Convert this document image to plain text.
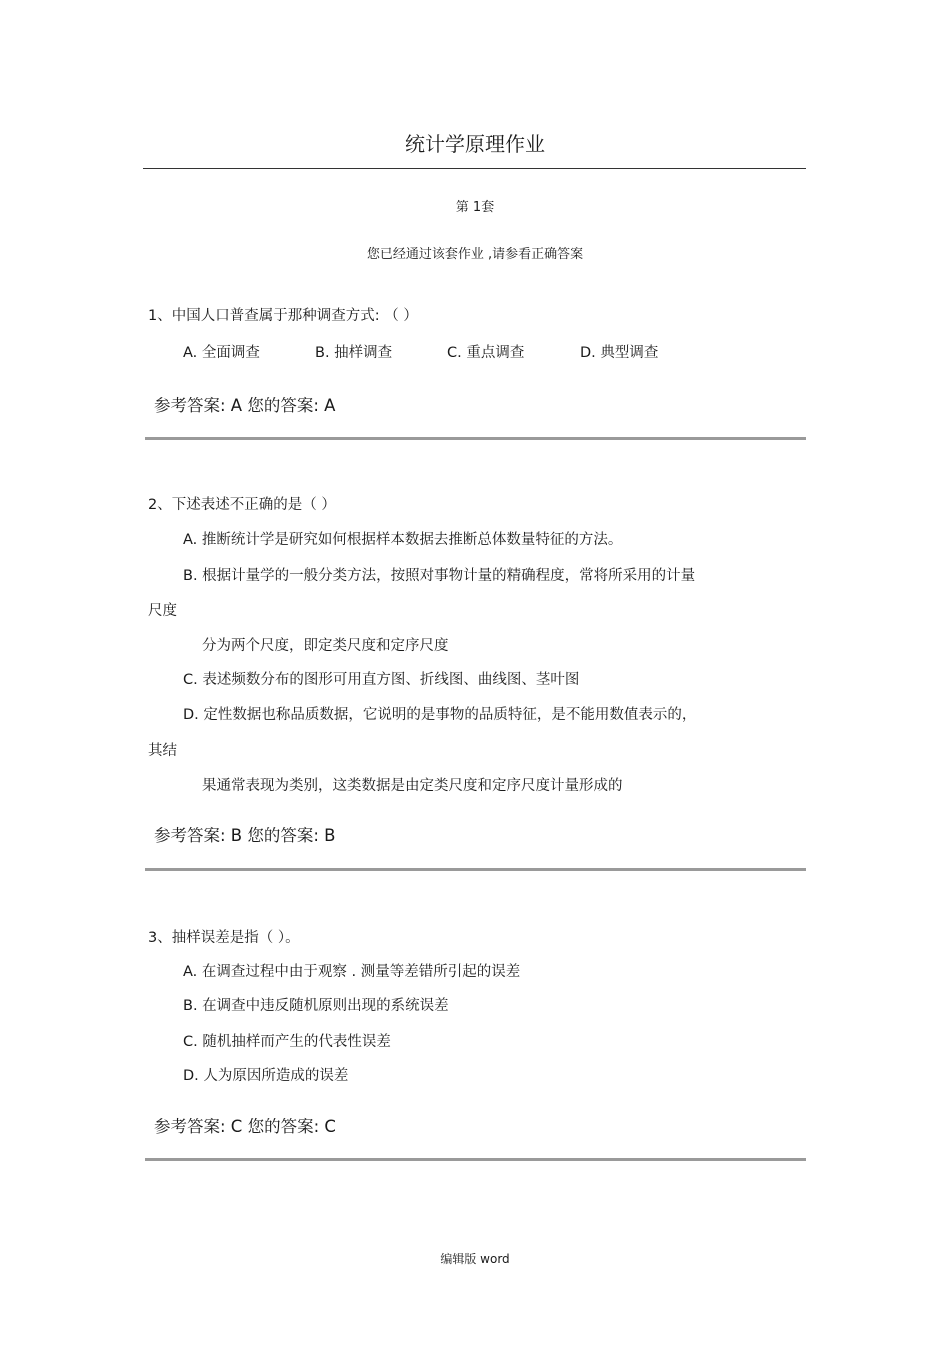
统计学原理作业
第 1套
您已经通过该套作业 ,请参看正确答案
1、中国人口普查属于那种调查方式: （ ）
A. 全面调查	B. 抽样调查	C. 重点调查	D. 典型调查
参考答案: A 您的答案: A
2、下述表述不正确的是（ ）
A. 推断统计学是研究如何根据样本数据去推断总体数量特征的方法。
B. 根据计量学的一般分类方法，按照对事物计量的精确程度，常将所采用的计量
尺度
分为两个尺度，即定类尺度和定序尺度
C. 表述频数分布的图形可用直方图、折线图、曲线图、茎叶图
D. 定性数据也称品质数据，它说明的是事物的品质特征，是不能用数值表示的，
其结
果通常表现为类别，这类数据是由定类尺度和定序尺度计量形成的
参考答案: B 您的答案: B
3、抽样误差是指（ ）。
A. 在调查过程中由于观察 . 测量等差错所引起的误差
B. 在调查中违反随机原则出现的系统误差
C. 随机抽样而产生的代表性误差
D. 人为原因所造成的误差
参考答案: C 您的答案: C
编辑版 word
